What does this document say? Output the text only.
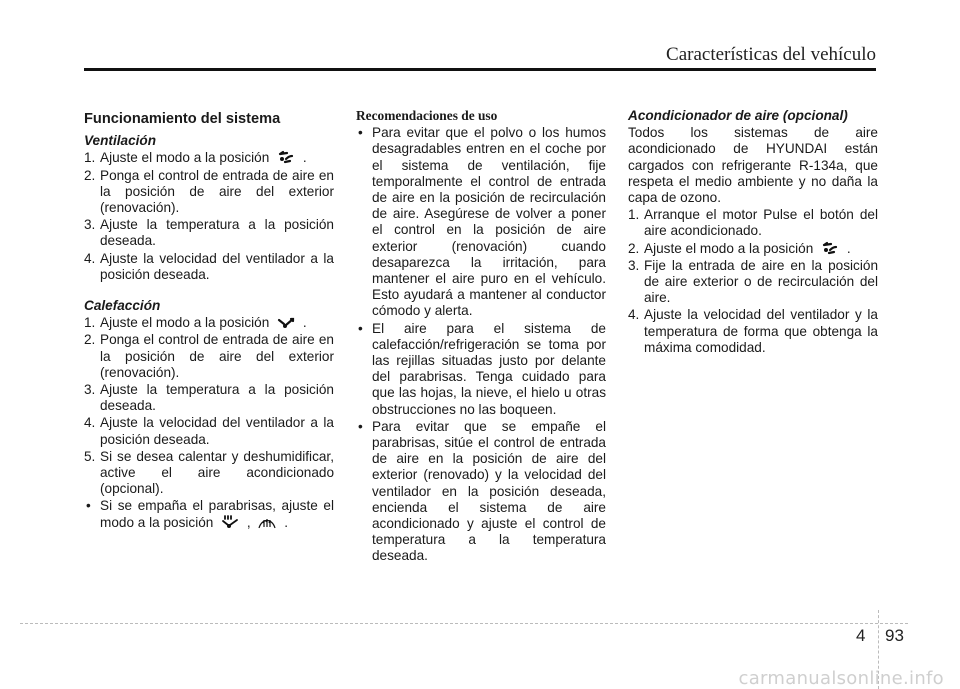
Características del vehículo
Funcionamiento del sistema
Ventilación
1. Ajuste el modo a la posición .
2. Ponga el control de entrada de aire en la posición de aire del exterior (renovación).
3. Ajuste la temperatura a la posición deseada.
4. Ajuste la velocidad del ventilador a la posición deseada.
Calefacción
1. Ajuste el modo a la posición .
2. Ponga el control de entrada de aire en la posición de aire del exterior (renovación).
3. Ajuste la temperatura a la posición deseada.
4. Ajuste la velocidad del ventilador a la posición deseada.
5. Si se desea calentar y deshumidificar, active el aire acondicionado (opcional).
• Si se empaña el parabrisas, ajuste el modo a la posición , .
Recomendaciones de uso
• Para evitar que el polvo o los humos desagradables entren en el coche por el sistema de ventilación, fije temporalmente el control de entrada de aire en la posición de recirculación de aire. Asegúrese de volver a poner el control en la posición de aire exterior (renovación) cuando desaparezca la irritación, para mantener el aire puro en el vehículo. Esto ayudará a mantener al conductor cómodo y alerta.
• El aire para el sistema de calefacción/refrigeración se toma por las rejillas situadas justo por delante del parabrisas. Tenga cuidado para que las hojas, la nieve, el hielo u otras obstrucciones no las boqueen.
• Para evitar que se empañe el parabrisas, sitúe el control de entrada de aire en la posición de aire del exterior (renovado) y la velocidad del ventilador en la posición deseada, encienda el sistema de aire acondicionado y ajuste el control de temperatura a la temperatura deseada.
Acondicionador de aire (opcional)
Todos los sistemas de aire acondicionado de HYUNDAI están cargados con refrigerante R-134a, que respeta el medio ambiente y no daña la capa de ozono.
1. Arranque el motor Pulse el botón del aire acondicionado.
2. Ajuste el modo a la posición .
3. Fije la entrada de aire en la posición de aire exterior o de recirculación del aire.
4. Ajuste la velocidad del ventilador y la temperatura de forma que obtenga la máxima comodidad.
4 93
carmanualsonline.info
